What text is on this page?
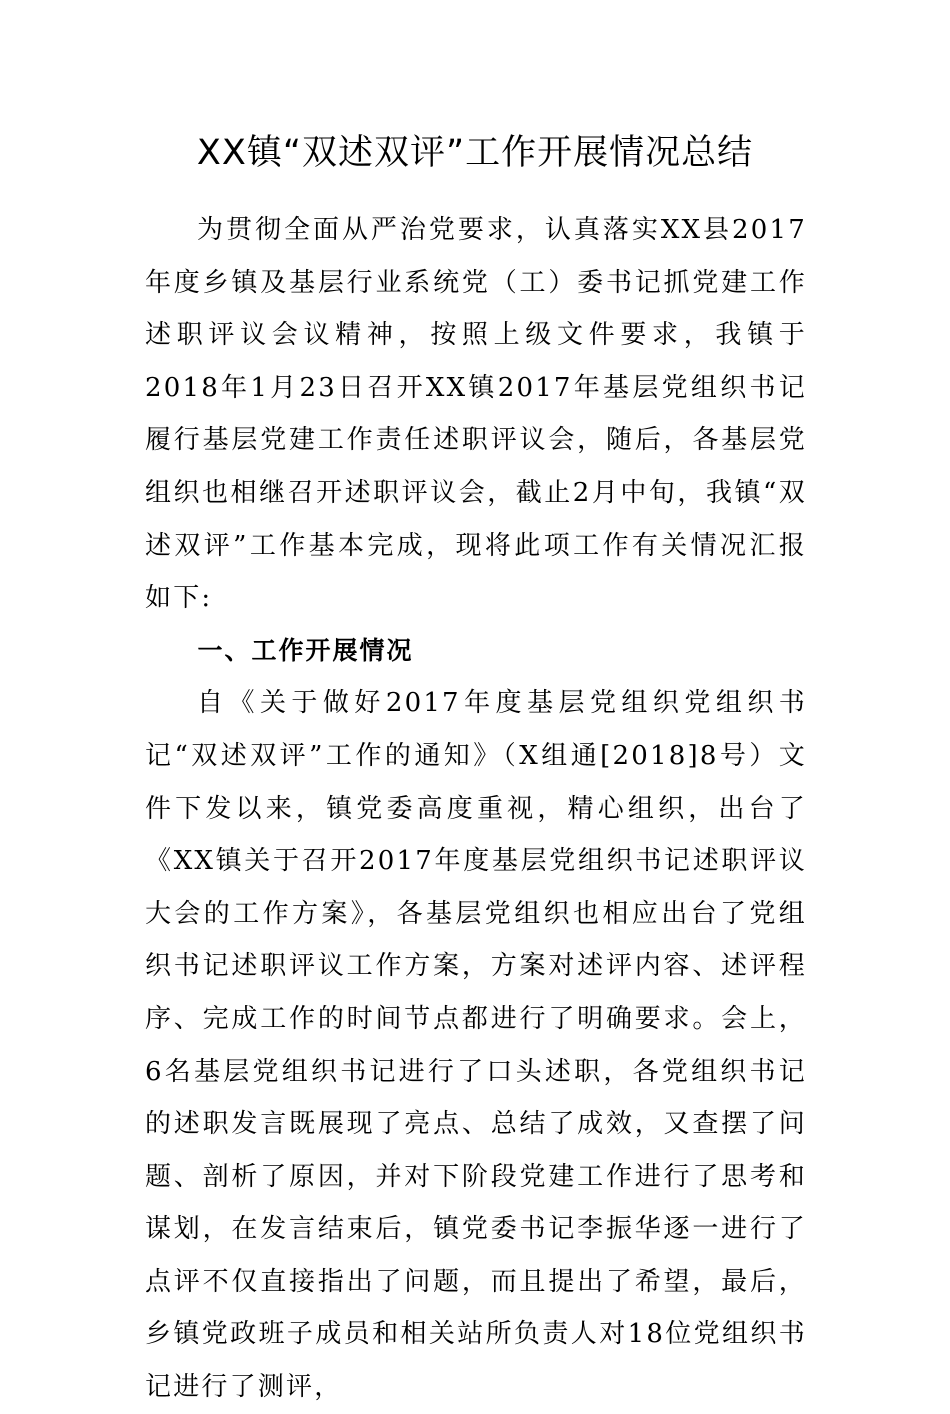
XX镇“双述双评”工作开展情况总结

为贯彻全面从严治党要求，认真落实XX县2017年度乡镇及基层行业系统党（工）委书记抓党建工作述职评议会议精神，按照上级文件要求，我镇于2018年1月23日召开XX镇2017年基层党组织书记履行基层党建工作责任述职评议会，随后，各基层党组织也相继召开述职评议会，截止2月中旬，我镇“双述双评”工作基本完成，现将此项工作有关情况汇报如下:

一、工作开展情况

自《关于做好2017年度基层党组织党组织书记“双述双评”工作的通知》（X组通[2018]8号）文件下发以来，镇党委高度重视，精心组织，出台了《XX镇关于召开2017年度基层党组织书记述职评议大会的工作方案》，各基层党组织也相应出台了党组织书记述职评议工作方案，方案对述评内容、述评程序、完成工作的时间节点都进行了明确要求。会上，6名基层党组织书记进行了口头述职，各党组织书记的述职发言既展现了亮点、总结了成效，又查摆了问题、剖析了原因，并对下阶段党建工作进行了思考和谋划，在发言结束后，镇党委书记李振华逐一进行了点评不仅直接指出了问题，而且提出了希望，最后，乡镇党政班子成员和相关站所负责人对18位党组织书记进行了测评，
